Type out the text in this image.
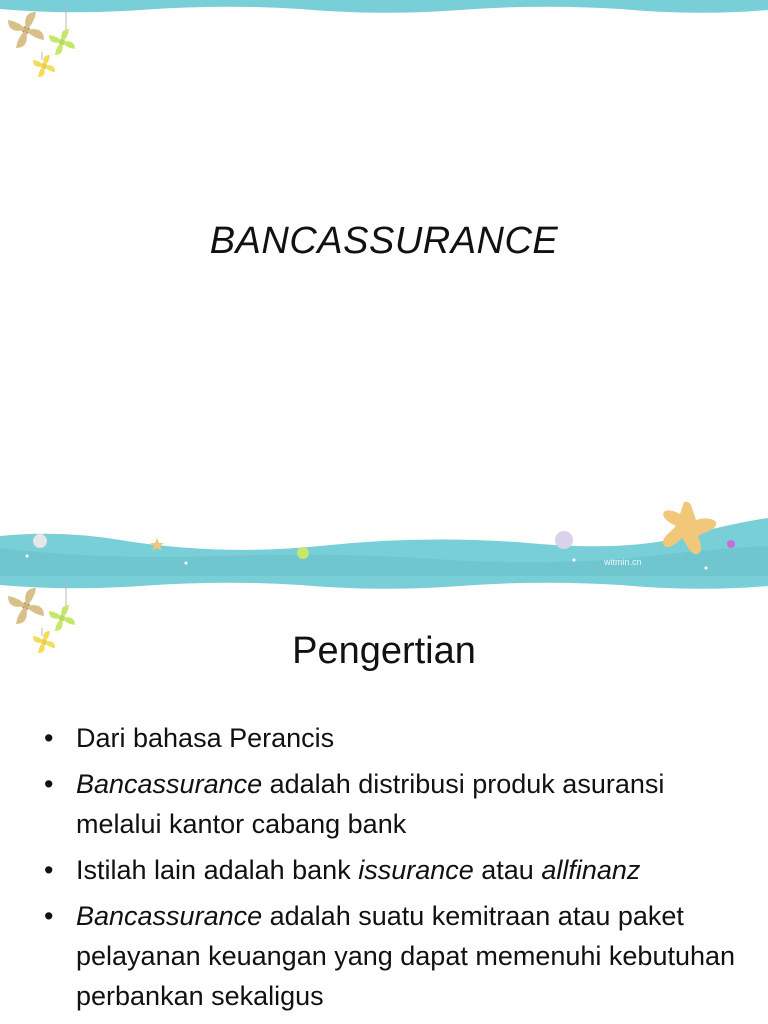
BANCASSURANCE
witmin.cn
Pengertian
• Dari bahasa Perancis
• Bancassurance adalah distribusi produk asuransi melalui kantor cabang bank
• Istilah lain adalah bank issurance atau allfinanz
• Bancassurance adalah suatu kemitraan atau paket pelayanan keuangan yang dapat memenuhi kebutuhan perbankan sekaligus
